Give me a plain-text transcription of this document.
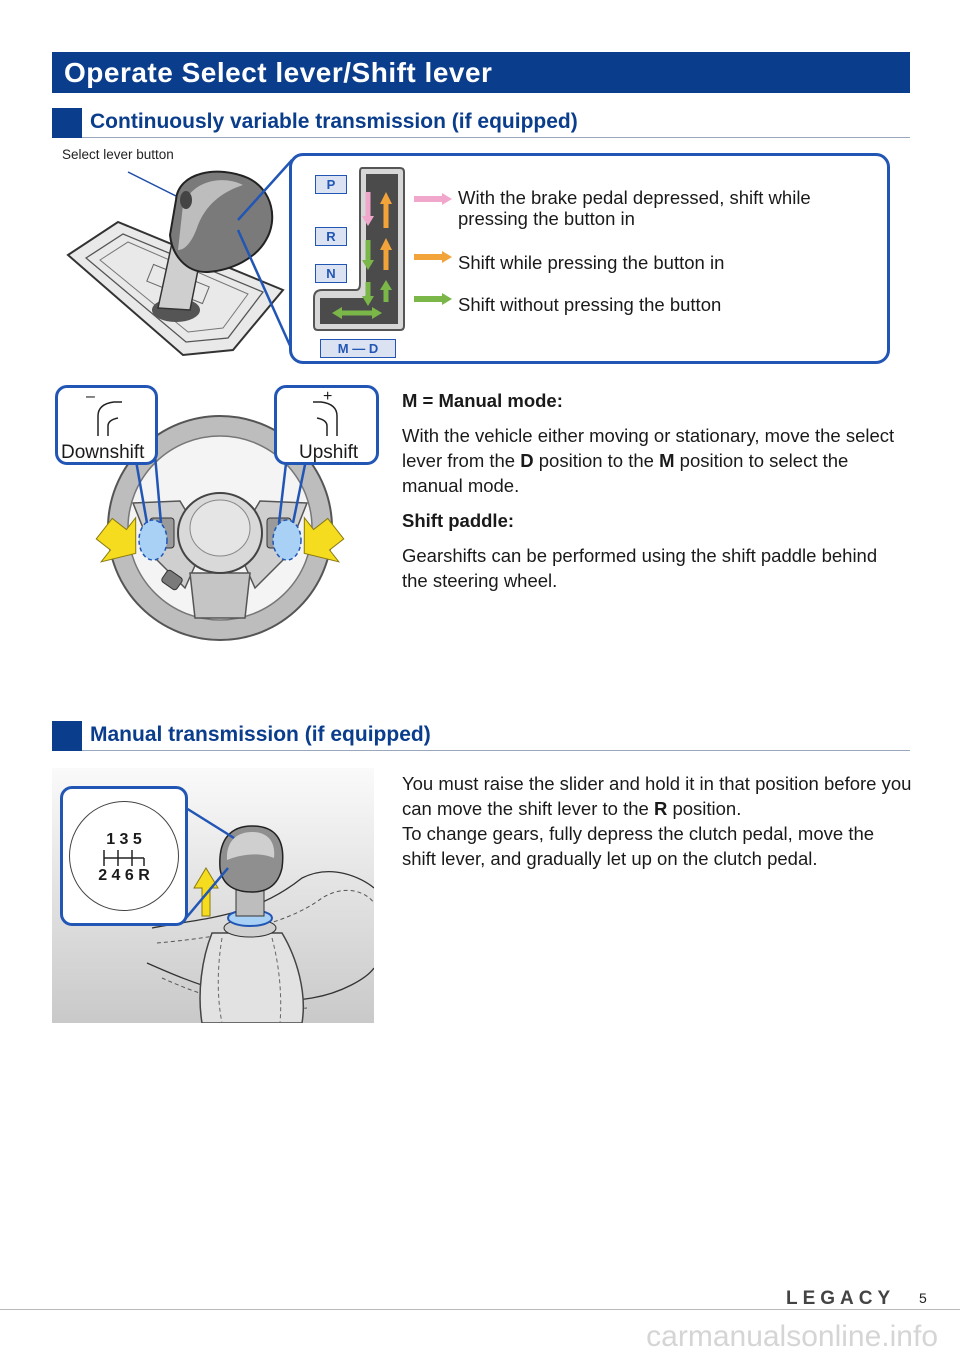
Operate Select lever/Shift lever
Continuously variable transmission (if equipped)
Select lever button
P
R
N
M — D
With the brake pedal depressed, shift while
pressing the button in
Shift while pressing the button in
Shift without pressing the button
–
Downshift
+
Upshift

M = Manual mode:

With the vehicle either moving or stationary, move the select lever from the D position to the M position to select the manual mode.

Shift paddle:

Gearshifts can be performed using the shift paddle behind the steering wheel.

Manual transmission (if equipped)
1 3 5
2 4 6 R
You must raise the slider and hold it in that position before you can move the shift lever to the R position.
To change gears, fully depress the clutch pedal, move the shift lever, and gradually let up on the clutch pedal.
LEGACY 5
carmanualsonline.info
